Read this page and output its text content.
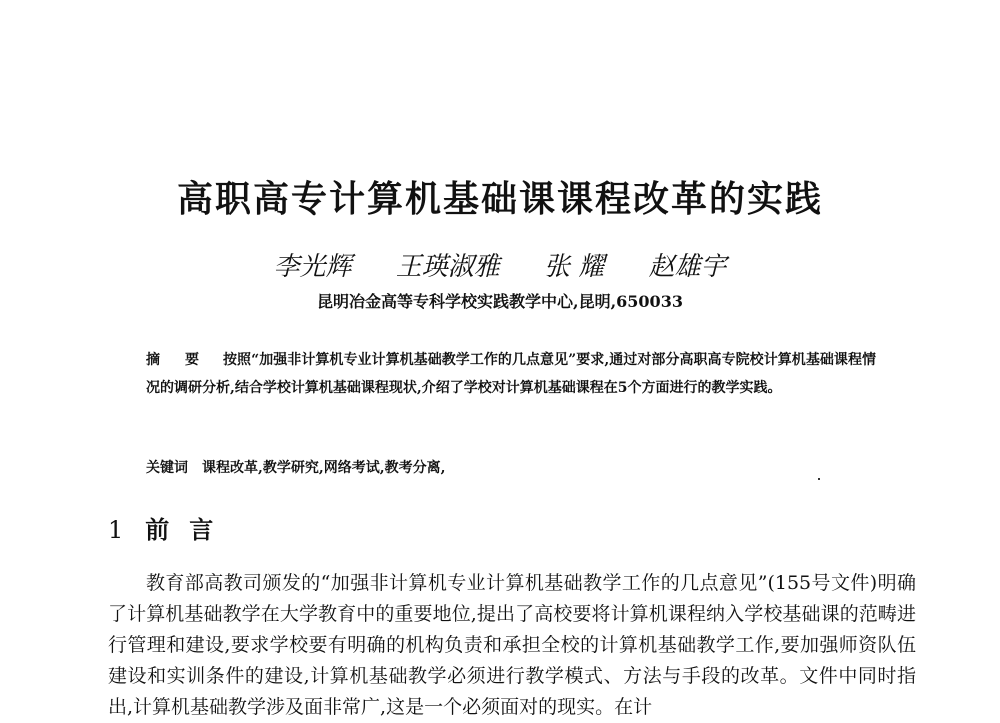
高职高专计算机基础课课程改革的实践
李光辉 王瑛淑雅 张 耀 赵雄宇
昆明冶金高等专科学校实践教学中心,昆明,650033
摘 要 按照“加强非计算机专业计算机基础教学工作的几点意见”要求,通过对部分高职高专院校计算机基础课程情况的调研分析,结合学校计算机基础课程现状,介绍了学校对计算机基础课程在5个方面进行的教学实践。
关键词 课程改革,教学研究,网络考试,教考分离,
1 前言
教育部高教司颁发的“加强非计算机专业计算机基础教学工作的几点意见”(155号文件)明确了计算机基础教学在大学教育中的重要地位,提出了高校要将计算机课程纳入学校基础课的范畴进行管理和建设,要求学校要有明确的机构负责和承担全校的计算机基础教学工作,要加强师资队伍建设和实训条件的建设,计算机基础教学必须进行教学模式、方法与手段的改革。文件中同时指出,计算机基础教学涉及面非常广,这是一个必须面对的现实。在计
